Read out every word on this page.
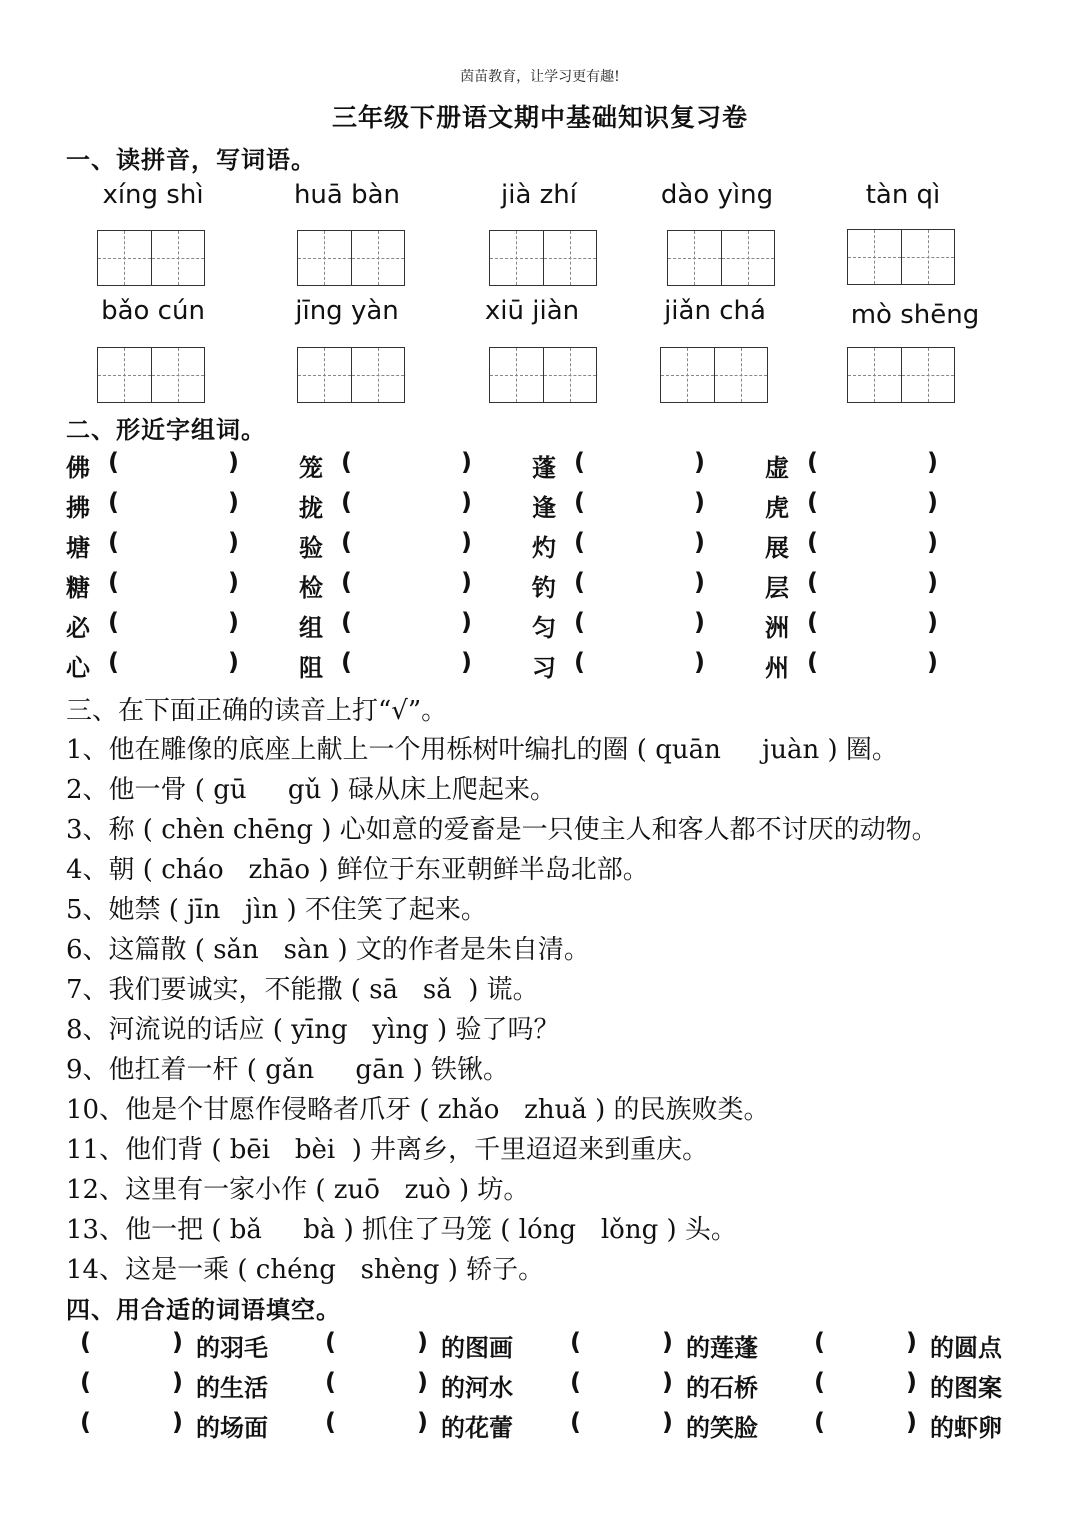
茵苗教育，让学习更有趣!
三年级下册语文期中基础知识复习卷
一、读拼音，写词语。
xíng shì	huā bàn	jià zhí	dào yìng	tàn qì
bǎo cún	jīng yàn	xiū jiàn	jiǎn chá	mò shēng
二、形近字组词。
佛 (	)	笼 (	)	蓬 (	)	虚 (	)
拂 (	)	拢 (	)	逢 (	)	虎 (	)
塘 (	)	验 (	)	灼 (	)	展 (	)
糖 (	)	检 (	)	钓 (	)	层 (	)
必 (	)	组 (	)	匀 (	)	洲 (	)
心 (	)	阻 (	)	习 (	)	州 (	)
三、在下面正确的读音上打“√”。
1、他在雕像的底座上献上一个用栎树叶编扎的圈 ( quān     juàn ) 圈。
2、他一骨 ( gū     gǔ ) 碌从床上爬起来。
3、称 ( chèn chēng ) 心如意的爱畜是一只使主人和客人都不讨厌的动物。
4、朝 ( cháo   zhāo ) 鲜位于东亚朝鲜半岛北部。
5、她禁 ( jīn   jìn ) 不住笑了起来。
6、这篇散 ( sǎn   sàn ) 文的作者是朱自清。
7、我们要诚实，不能撒 ( sā   sǎ  ) 谎。
8、河流说的话应 ( yīng   yìng ) 验了吗？
9、他扛着一杆 ( gǎn     gān ) 铁锹。
10、他是个甘愿作侵略者爪牙 ( zhǎo   zhuǎ ) 的民族败类。
11、他们背 ( bēi   bèi  ) 井离乡，千里迢迢来到重庆。
12、这里有一家小作 ( zuō   zuò ) 坊。
13、他一把 ( bǎ     bà ) 抓住了马笼 ( lóng   lǒng ) 头。
14、这是一乘 ( chéng   shèng ) 轿子。
四、用合适的词语填空。
(	) 的羽毛 (	) 的图画 (	) 的莲蓬 (	) 的圆点
(	) 的生活 (	) 的河水 (	) 的石桥 (	) 的图案
(	) 的场面 (	) 的花蕾 (	) 的笑脸 (	) 的虾卵
